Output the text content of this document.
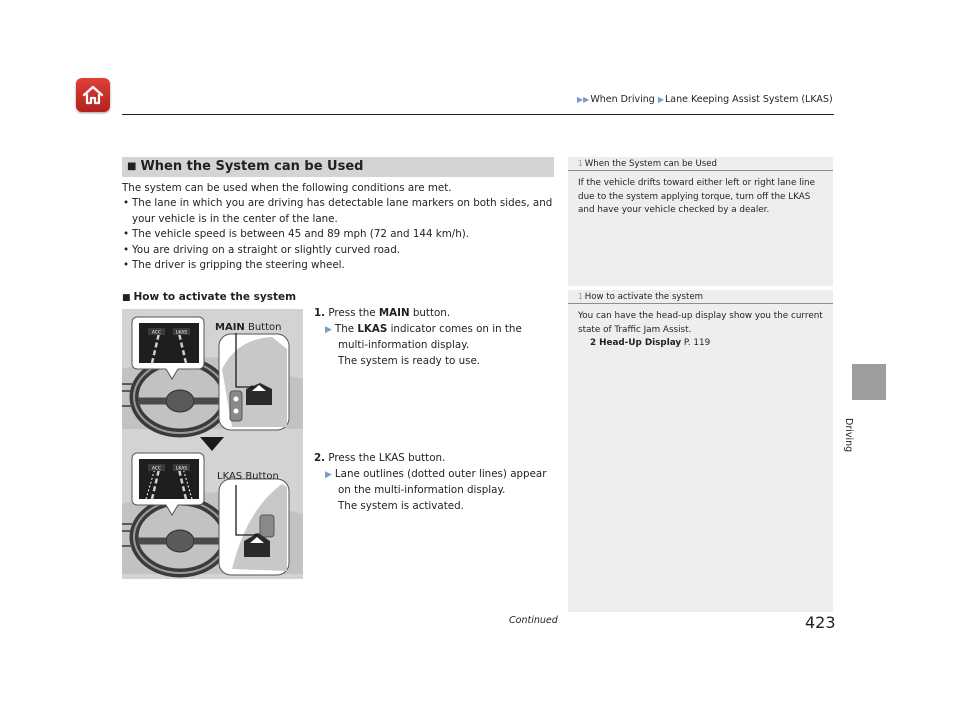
▶▶When Driving ▶Lane Keeping Assist System (LKAS)
Driving
■ When the System can be Used
The system can be used when the following conditions are met.
• The lane in which you are driving has detectable lane markers on both sides, and your vehicle is in the center of the lane.
• The vehicle speed is between 45 and 89 mph (72 and 144 km/h).
• You are driving on a straight or slightly curved road.
• The driver is gripping the steering wheel.
■ How to activate the system
ACC	LKAS
ACC	LKAS
MAIN Button
LKAS Button
1. Press the MAIN button.
▶ The LKAS indicator comes on in the
multi-information display.
The system is ready to use.
2. Press the LKAS button.
▶ Lane outlines (dotted outer lines) appear
on the multi-information display.
The system is activated.
1 When the System can be Used
If the vehicle drifts toward either left or right lane line due to the system applying torque, turn off the LKAS and have your vehicle checked by a dealer.
1 How to activate the system
You can have the head-up display show you the current state of Traffic Jam Assist.
2 Head-Up Display P. 119
Continued	423
